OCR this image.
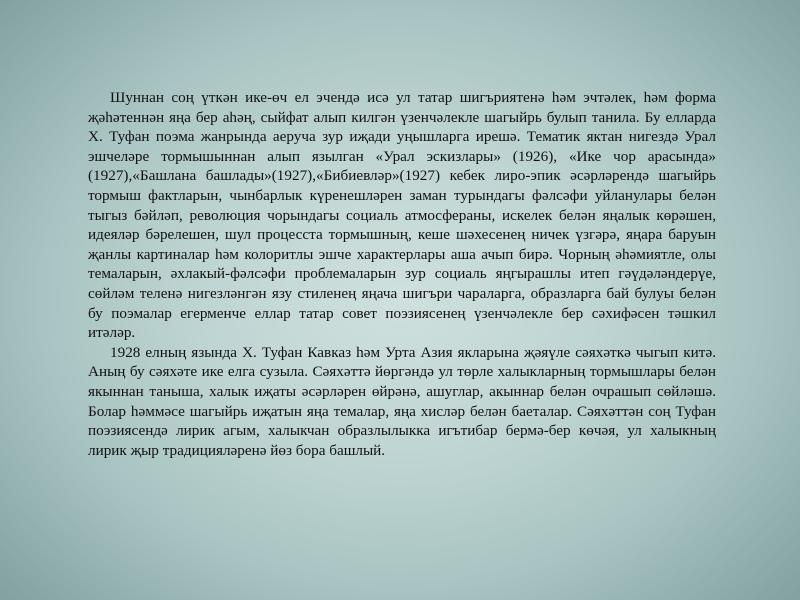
Шуннан соң үткән ике-өч ел эчендә исә ул татар шигъриятенә һәм эчтәлек, һәм форма җәһәтеннән яңа бер аһәң, сыйфат алып килгән үзенчәлекле шагыйрь булып танила. Бу елларда Х. Туфан поэма жанрында аеруча зур иҗади уңышларга ирешә. Тематик яктан нигездә Урал эшчеләре тормышыннан алып язылган «Урал эскизлары» (1926), «Ике чор арасында» (1927),«Башлана башлады»(1927),«Бибиевләр»(1927) кебек лиро-эпик әсәрләрендә шагыйрь тормыш фактларын, чынбарлык күренешләрен заман турындагы фәлсәфи уйланулары белән тыгыз бәйләп, революция чорындагы социаль атмосфераны, искелек белән яңалык көрәшен, идеяләр бәрелешен, шул процесста тормышның, кеше шәхесенең ничек үзгәрә, яңара баруын җанлы картиналар һәм колоритлы эшче характерлары аша ачып бирә. Чорның әһәмиятле, олы темаларын, әхлакый-фәлсәфи проблемаларын зур социаль яңгырашлы итеп гәүдәләндерүе, сөйләм теленә нигезләнгән язу стиленең яңача шигъри чараларга, образларга бай булуы белән бу поэмалар егерменче еллар татар совет поэзиясенең үзенчәлекле бер сәхифәсен тәшкил итәләр.

1928 елның язында Х. Туфан Кавказ һәм Урта Азия якларына җәяүле сәяхәткә чыгып китә. Аның бу сәяхәте ике елга сузыла. Сәяхәттә йөргәндә ул төрле халыкларның тормышлары белән якыннан таныша, халык иҗаты әсәрләрен өйрәнә, ашуглар, акыннар белән очрашып сөйләшә. Болар һәммәсе шагыйрь иҗатын яңа темалар, яңа хисләр белән баеталар. Сәяхәттән соң Туфан поэзиясендә лирик агым, халыкчан образлылыкка игътибар бермә-бер көчәя, ул халыкның лирик җыр традицияләренә йөз бора башлый.
